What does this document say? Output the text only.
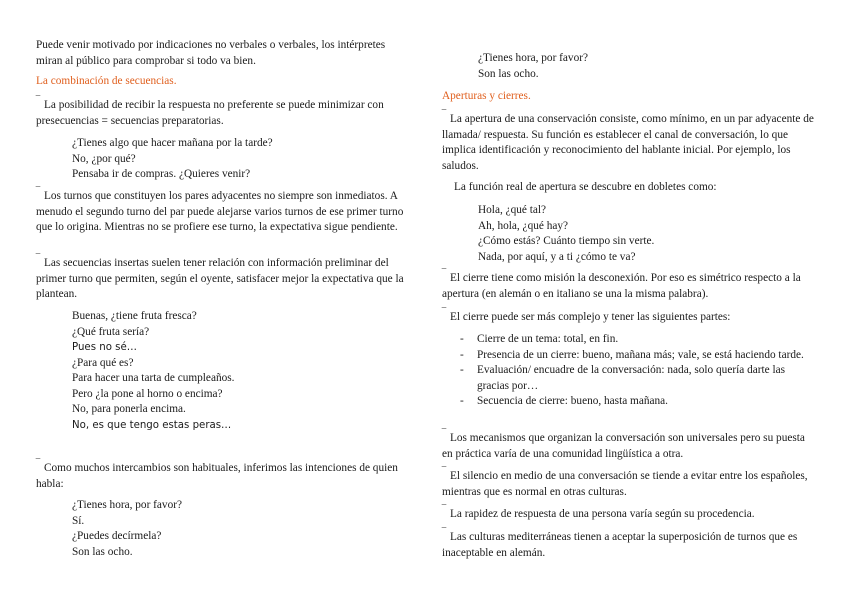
Puede venir motivado por indicaciones no verbales o verbales, los intérpretes miran al público para comprobar si todo va bien.

La combinación de secuencias.

‾ La posibilidad de recibir la respuesta no preferente se puede minimizar con presecuencias = secuencias preparatorias.

¿Tienes algo que hacer mañana por la tarde?
No, ¿por qué?
Pensaba ir de compras. ¿Quieres venir?

‾ Los turnos que constituyen los pares adyacentes no siempre son inmediatos. A menudo el segundo turno del par puede alejarse varios turnos de ese primer turno que lo origina. Mientras no se profiere ese turno, la expectativa sigue pendiente.

‾ Las secuencias insertas suelen tener relación con información preliminar del primer turno que permiten, según el oyente, satisfacer mejor la expectativa que la plantean.

Buenas, ¿tiene fruta fresca?
¿Qué fruta sería?
Pues no sé…
¿Para qué es?
Para hacer una tarta de cumpleaños.
Pero ¿la pone al horno o encima?
No, para ponerla encima.
No, es que tengo estas peras…

‾ Como muchos intercambios son habituales, inferimos las intenciones de quien habla:

¿Tienes hora, por favor?
Sí.
¿Puedes decírmela?
Son las ocho.
¿Tienes hora, por favor?
Son las ocho.

Aperturas y cierres.

‾ La apertura de una conservación consiste, como mínimo, en un par adyacente de llamada/ respuesta. Su función es establecer el canal de conversación, lo que implica identificación y reconocimiento del hablante inicial. Por ejemplo, los saludos.

La función real de apertura se descubre en dobletes como:

Hola, ¿qué tal?
Ah, hola, ¿qué hay?
¿Cómo estás? Cuánto tiempo sin verte.
Nada, por aquí, y a ti ¿cómo te va?

‾ El cierre tiene como misión la desconexión. Por eso es simétrico respecto a la apertura (en alemán o en italiano se una la misma palabra).

‾ El cierre puede ser más complejo y tener las siguientes partes:

- Cierre de un tema: total, en fin.
- Presencia de un cierre: bueno, mañana más; vale, se está haciendo tarde.
- Evaluación/ encuadre de la conversación: nada, solo quería darte las gracias por…
- Secuencia de cierre: bueno, hasta mañana.

‾ Los mecanismos que organizan la conversación son universales pero su puesta en práctica varía de una comunidad lingüística a otra.

‾ El silencio en medio de una conversación se tiende a evitar entre los españoles, mientras que es normal en otras culturas.

‾ La rapidez de respuesta de una persona varía según su procedencia.

‾ Las culturas mediterráneas tienen a aceptar la superposición de turnos que es inaceptable en alemán.
